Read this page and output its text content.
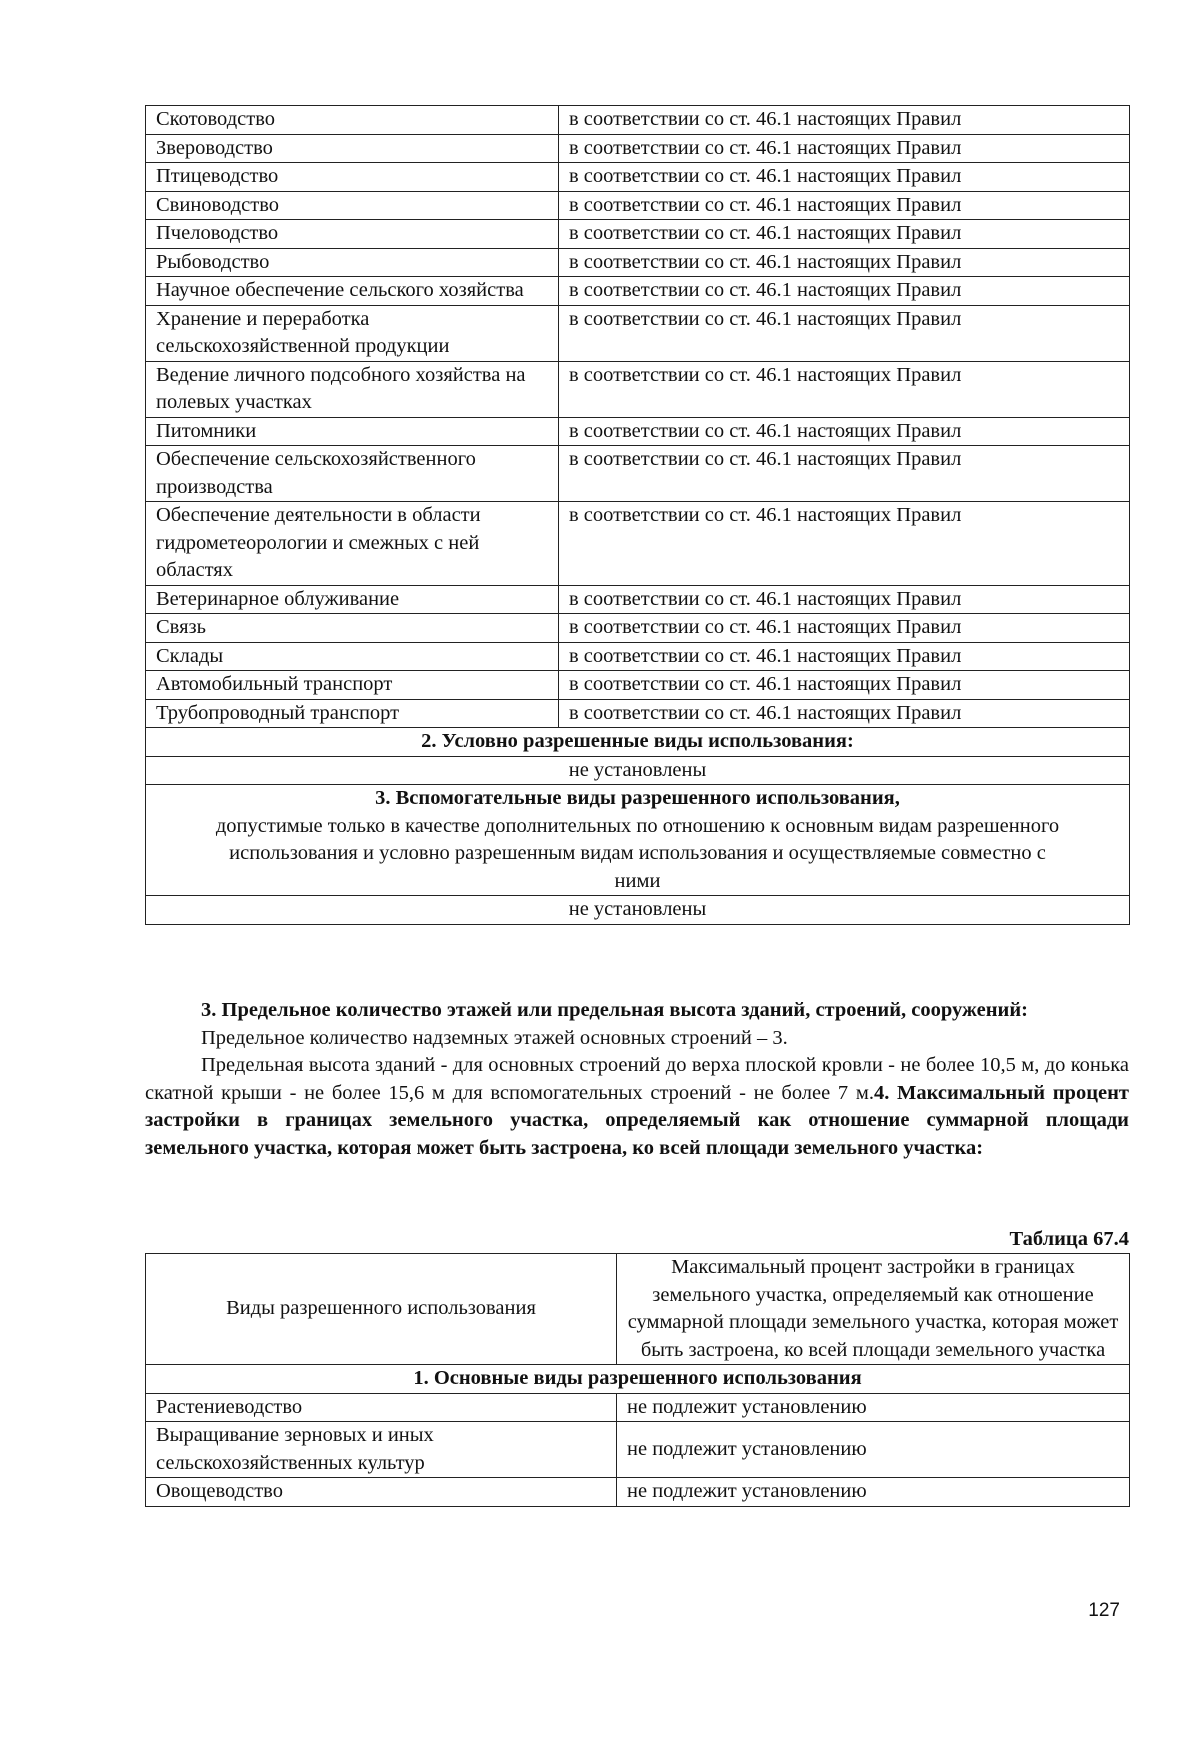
Скотоводство	в соответствии со ст. 46.1 настоящих Правил
Звероводство	в соответствии со ст. 46.1 настоящих Правил
Птицеводство	в соответствии со ст. 46.1 настоящих Правил
Свиноводство	в соответствии со ст. 46.1 настоящих Правил
Пчеловодство	в соответствии со ст. 46.1 настоящих Правил
Рыбоводство	в соответствии со ст. 46.1 настоящих Правил
Научное обеспечение сельского хозяйства	в соответствии со ст. 46.1 настоящих Правил
Хранение и переработка сельскохозяйственной продукции	в соответствии со ст. 46.1 настоящих Правил
Ведение личного подсобного хозяйства на полевых участках	в соответствии со ст. 46.1 настоящих Правил
Питомники	в соответствии со ст. 46.1 настоящих Правил
Обеспечение сельскохозяйственного производства	в соответствии со ст. 46.1 настоящих Правил
Обеспечение деятельности в области гидрометеорологии и смежных с ней областях	в соответствии со ст. 46.1 настоящих Правил
Ветеринарное облуживание	в соответствии со ст. 46.1 настоящих Правил
Связь	в соответствии со ст. 46.1 настоящих Правил
Склады	в соответствии со ст. 46.1 настоящих Правил
Автомобильный транспорт	в соответствии со ст. 46.1 настоящих Правил
Трубопроводный транспорт	в соответствии со ст. 46.1 настоящих Правил
2. Условно разрешенные виды использования:	
не установлены	
3. Вспомогательные виды разрешенного использования,
допустимые только в качестве дополнительных по отношению к основным видам разрешенного использования и условно разрешенным видам использования и осуществляемые совместно с ними	
не установлены	

3. Предельное количество этажей или предельная высота зданий, строений, сооружений:

Предельное количество надземных этажей основных строений – 3.

Предельная высота зданий - для основных строений до верха плоской кровли - не более 10,5 м, до конька скатной крыши - не более 15,6 м для вспомогательных строений - не более 7 м.4. Максимальный процент застройки в границах земельного участка, определяемый как отношение суммарной площади земельного участка, которая может быть застроена, ко всей площади земельного участка:

Таблица 67.4
Виды разрешенного использования	Максимальный процент застройки в границах земельного участка, определяемый как отношение суммарной площади земельного участка, которая может быть застроена, ко всей площади земельного участка
1. Основные виды разрешенного использования	
Растениеводство	не подлежит установлению
Выращивание зерновых и иных сельскохозяйственных культур	не подлежит установлению
Овощеводство	не подлежит установлению
127
